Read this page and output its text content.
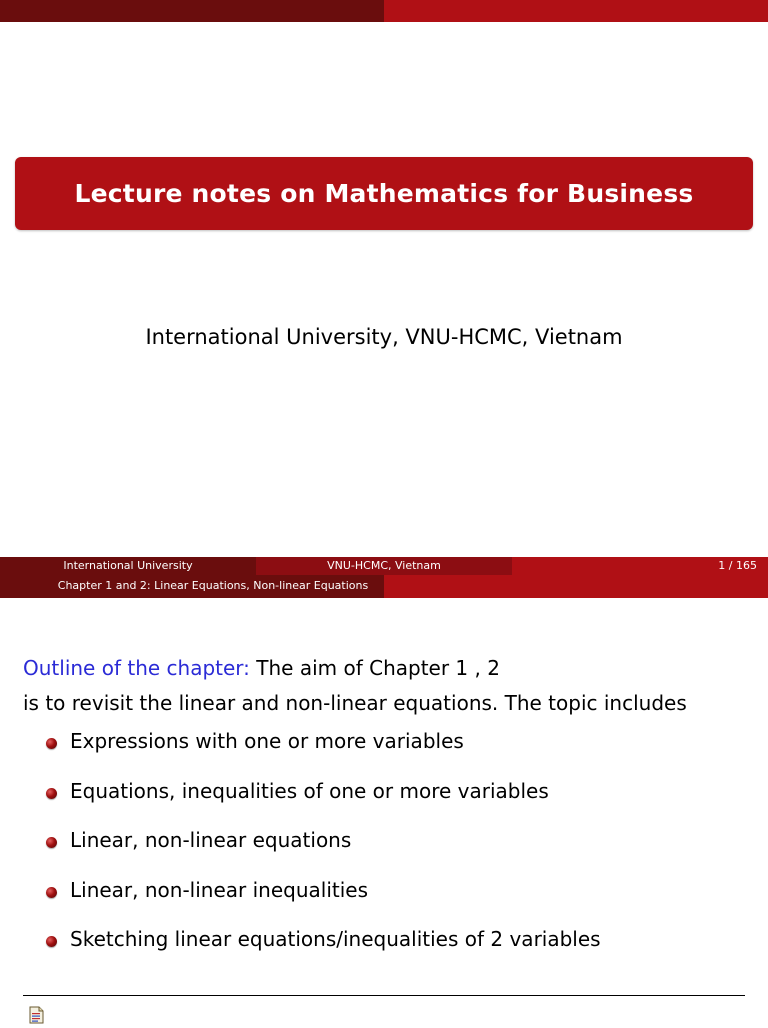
Lecture notes on Mathematics for Business
International University, VNU-HCMC, Vietnam
International University	VNU-HCMC, Vietnam	1 / 165
Chapter 1 and 2: Linear Equations, Non-linear Equations
Outline of the chapter: The aim of Chapter 1 , 2
is to revisit the linear and non-linear equations. The topic includes
Expressions with one or more variables
Equations, inequalities of one or more variables
Linear, non-linear equations
Linear, non-linear inequalities
Sketching linear equations/inequalities of 2 variables
